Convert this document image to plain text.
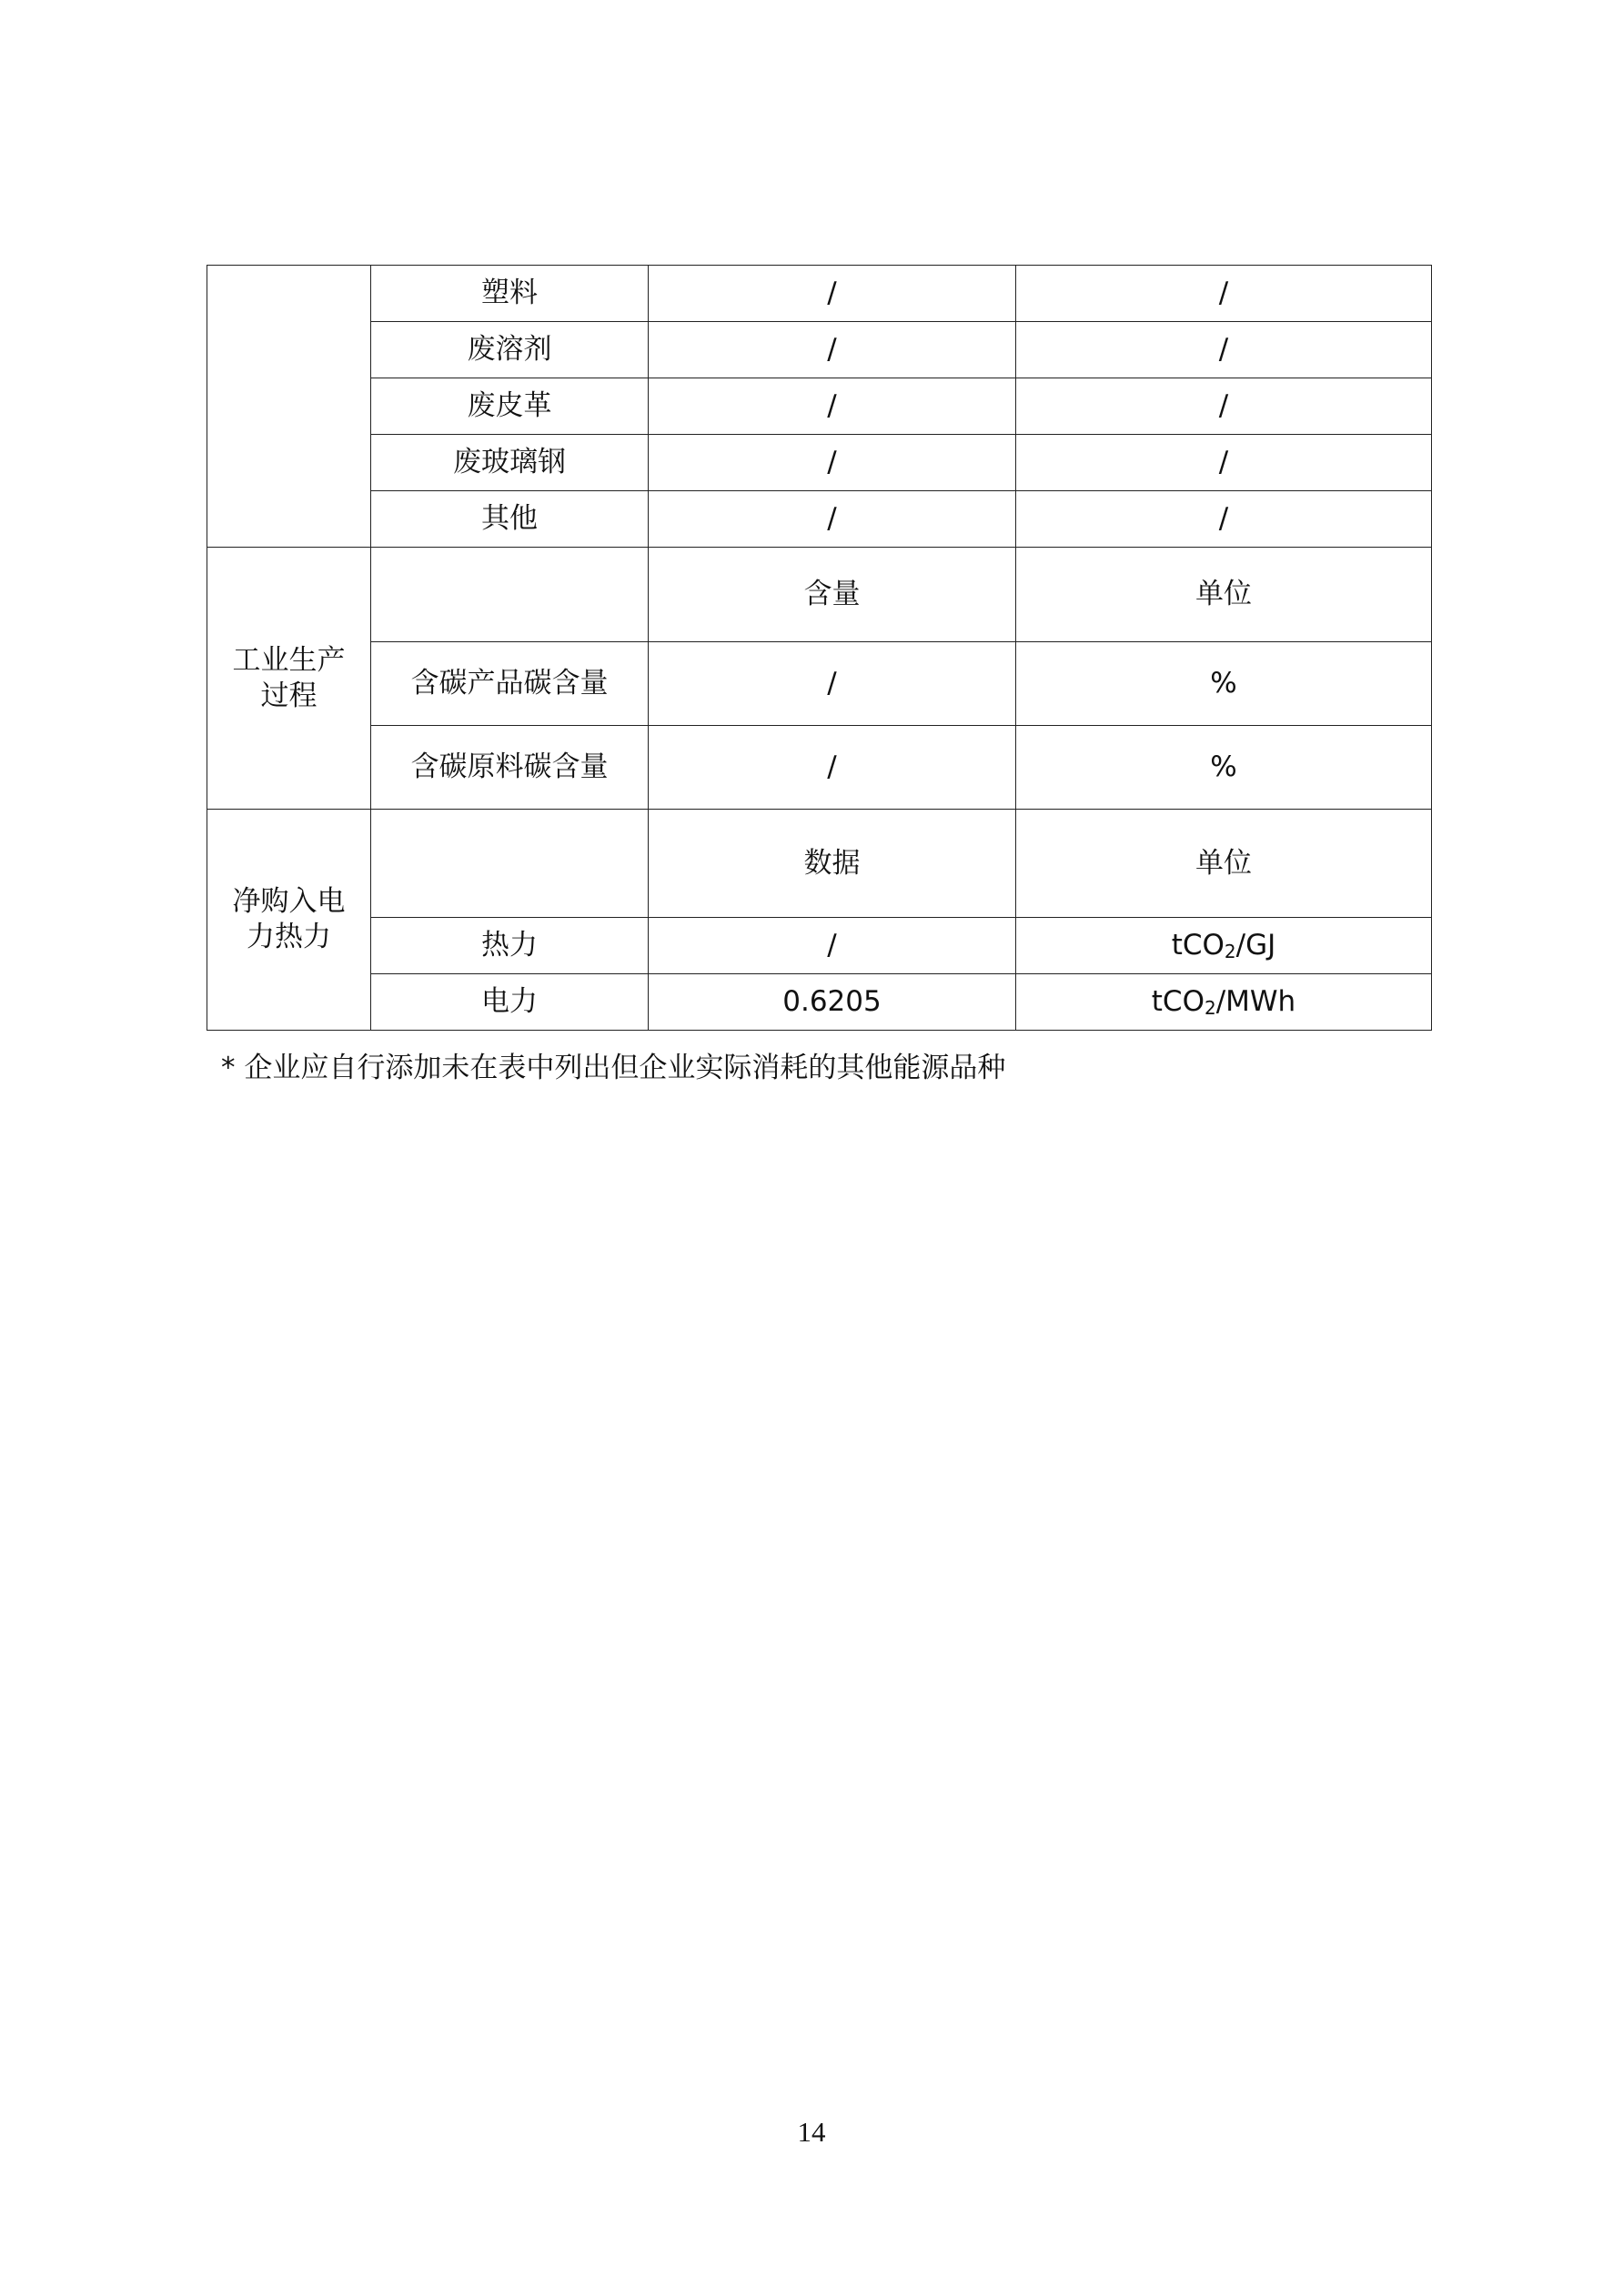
	塑料	/	/
	废溶剂	/	/
	废皮革	/	/
	废玻璃钢	/	/
	其他	/	/

工业生产
过程		含量	单位
	含碳产品碳含量	/	%
	含碳原料碳含量	/	%

净购入电
力热力		数据	单位
	热力	/	tCO$_2$/GJ
	电力	0.6205	tCO$_2$/MWh
* 企业应自行添加未在表中列出但企业实际消耗的其他能源品种
14
